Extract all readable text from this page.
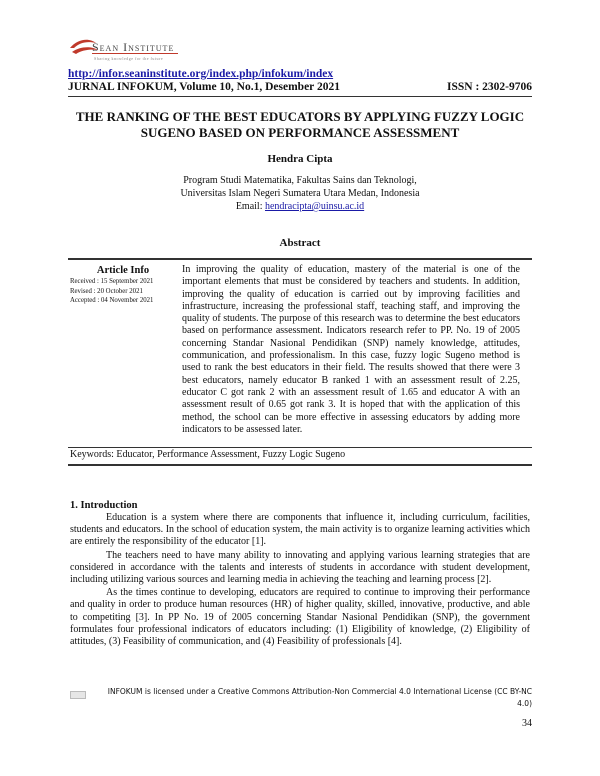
Sean Institute
Sharing knowledge for the future
http://infor.seaninstitute.org/index.php/infokum/index
JURNAL INFOKUM, Volume 10, No.1, Desember 2021	ISSN : 2302-9706
THE RANKING OF THE BEST EDUCATORS BY APPLYING FUZZY LOGIC SUGENO BASED ON PERFORMANCE ASSESSMENT
Hendra Cipta
Program Studi Matematika, Fakultas Sains dan Teknologi,
Universitas Islam Negeri Sumatera Utara Medan, Indonesia
Email: hendracipta@uinsu.ac.id
Abstract
Article Info
Received : 15 September 2021
Revised : 20 October 2021
Accepted : 04 November 2021
In improving the quality of education, mastery of the material is one of the important elements that must be considered by teachers and students. In addition, improving the quality of education is carried out by improving facilities and infrastructure, increasing the professional staff, teaching staff, and improving the quality of students. The purpose of this research was to determine the best educators based on performance assessment. Indicators research refer to PP. No. 19 of 2005 concerning Standar Nasional Pendidikan (SNP) namely knowledge, attitudes, communication, and professionalism. In this case, fuzzy logic Sugeno method is used to rank the best educators in their field. The results showed that there were 3 best educators, namely educator B ranked 1 with an assessment result of 2.25, educator C got rank 2 with an assessment result of 1.65 and educator A with an assessment result of 0.65 got rank 3. It is hoped that with the application of this method, the school can be more effective in assessing educators by adding more indicators to be assessed later.
Keywords: Educator, Performance Assessment, Fuzzy Logic Sugeno
1. Introduction

Education is a system where there are components that influence it, including curriculum, facilities, students and educators. In the school of education system, the main activity is to organize learning activities which are entirely the responsibility of the educator [1].

The teachers need to have many ability to innovating and applying various learning strategies that are considered in accordance with the talents and interests of students in accordance with student development, including utilizing various sources and learning media in achieving the teaching and learning process [2].

As the times continue to developing, educators are required to continue to improving their performance and quality in order to produce human resources (HR) of higher quality, skilled, innovative, productive, and able to competiting [3]. In PP No. 19 of 2005 concerning Standar Nasional Pendidikan (SNP), the government formulates four professional indicators of educators including: (1) Eligibility of knowledge, (2) Eligibility of attitudes, (3) Feasibility of communication, and (4) Feasibility of professionals [4].

INFOKUM is licensed under a Creative Commons Attribution-Non Commercial 4.0 International License (CC BY-NC 4.0)
34
